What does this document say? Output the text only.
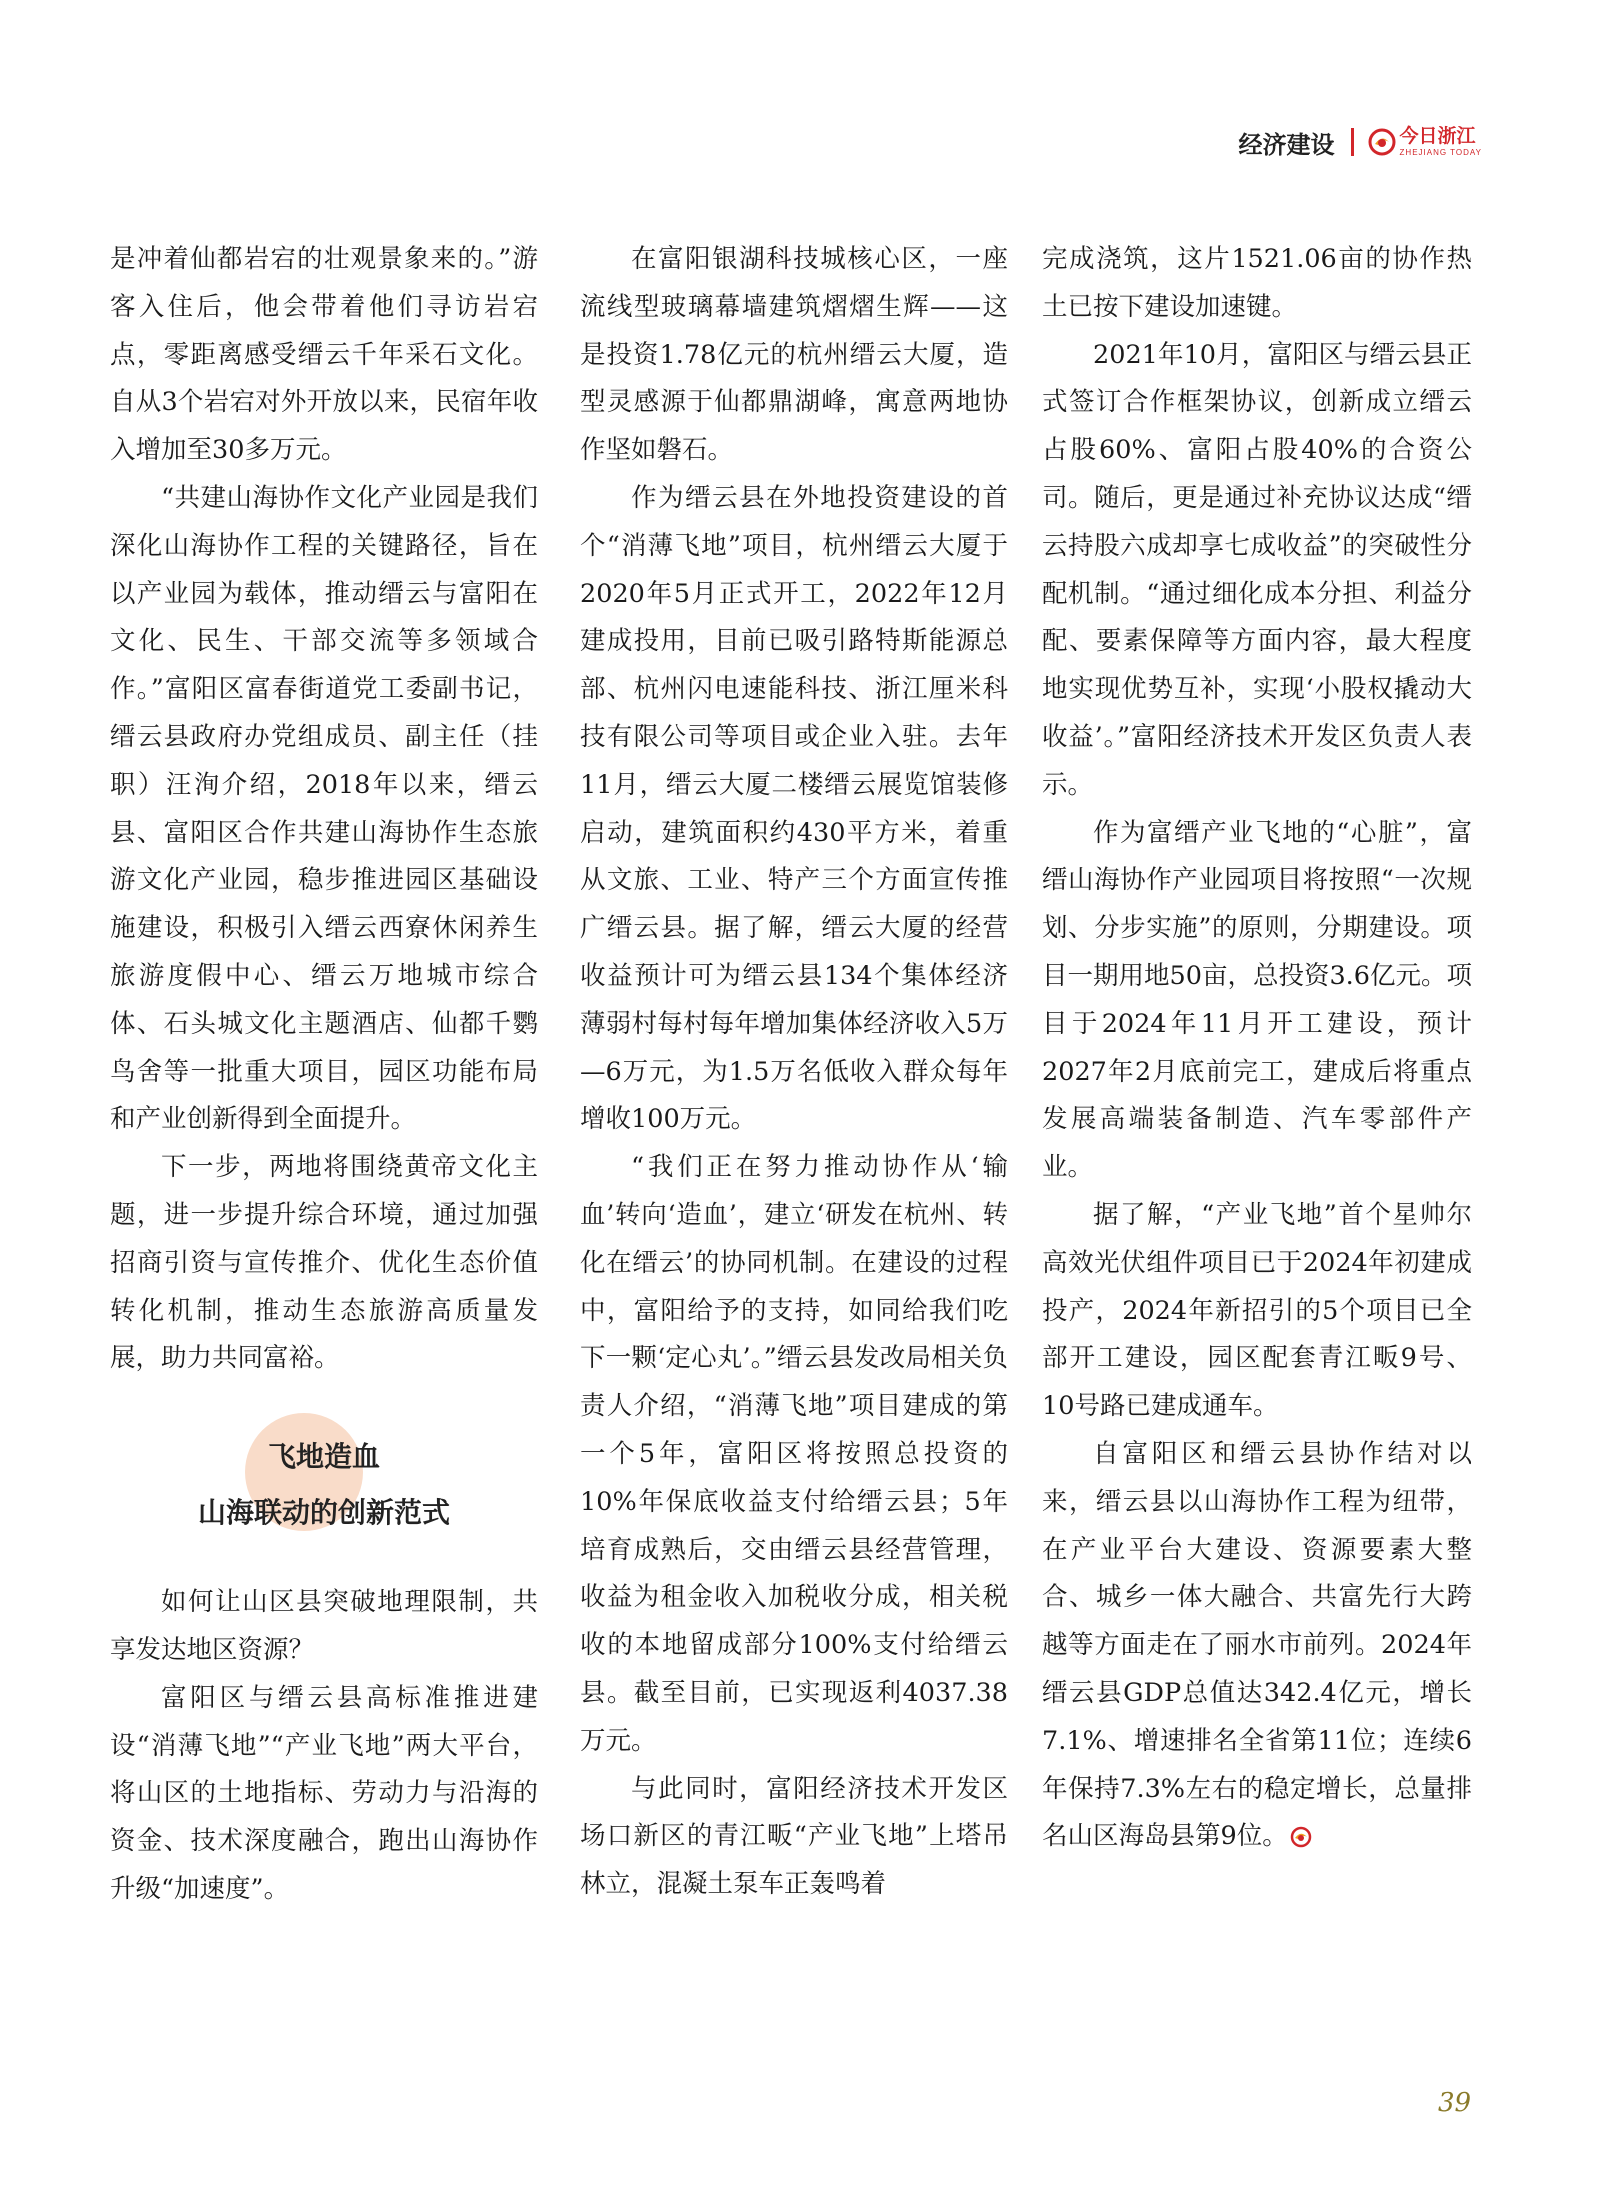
经济建设	今日浙江
ZHEJIANG TODAY

是冲着仙都岩宕的壮观景象来的。”游客入住后，他会带着他们寻访岩宕点，零距离感受缙云千年采石文化。自从3个岩宕对外开放以来，民宿年收入增加至30多万元。

“共建山海协作文化产业园是我们深化山海协作工程的关键路径，旨在以产业园为载体，推动缙云与富阳在文化、民生、干部交流等多领域合作。”富阳区富春街道党工委副书记，缙云县政府办党组成员、副主任（挂职）汪洵介绍，2018年以来，缙云县、富阳区合作共建山海协作生态旅游文化产业园，稳步推进园区基础设施建设，积极引入缙云西寮休闲养生旅游度假中心、缙云万地城市综合体、石头城文化主题酒店、仙都千鹦鸟舍等一批重大项目，园区功能布局和产业创新得到全面提升。

下一步，两地将围绕黄帝文化主题，进一步提升综合环境，通过加强招商引资与宣传推介、优化生态价值转化机制，推动生态旅游高质量发展，助力共同富裕。

飞地造血
山海联动的创新范式

如何让山区县突破地理限制，共享发达地区资源？

富阳区与缙云县高标准推进建设“消薄飞地”“产业飞地”两大平台，将山区的土地指标、劳动力与沿海的资金、技术深度融合，跑出山海协作升级“加速度”。

在富阳银湖科技城核心区，一座流线型玻璃幕墙建筑熠熠生辉——这是投资1.78亿元的杭州缙云大厦，造型灵感源于仙都鼎湖峰，寓意两地协作坚如磐石。

作为缙云县在外地投资建设的首个“消薄飞地”项目，杭州缙云大厦于2020年5月正式开工，2022年12月建成投用，目前已吸引路特斯能源总部、杭州闪电速能科技、浙江厘米科技有限公司等项目或企业入驻。去年11月，缙云大厦二楼缙云展览馆装修启动，建筑面积约430平方米，着重从文旅、工业、特产三个方面宣传推广缙云县。据了解，缙云大厦的经营收益预计可为缙云县134个集体经济薄弱村每村每年增加集体经济收入5万—6万元，为1.5万名低收入群众每年增收100万元。

“我们正在努力推动协作从‘输血’转向‘造血’，建立‘研发在杭州、转化在缙云’的协同机制。在建设的过程中，富阳给予的支持，如同给我们吃下一颗‘定心丸’。”缙云县发改局相关负责人介绍，“消薄飞地”项目建成的第一个5年，富阳区将按照总投资的10%年保底收益支付给缙云县；5年培育成熟后，交由缙云县经营管理，收益为租金收入加税收分成，相关税收的本地留成部分100%支付给缙云县。截至目前，已实现返利4037.38万元。

与此同时，富阳经济技术开发区场口新区的青江畈“产业飞地”上塔吊林立，混凝土泵车正轰鸣着

完成浇筑，这片1521.06亩的协作热土已按下建设加速键。

2021年10月，富阳区与缙云县正式签订合作框架协议，创新成立缙云占股60%、富阳占股40%的合资公司。随后，更是通过补充协议达成“缙云持股六成却享七成收益”的突破性分配机制。“通过细化成本分担、利益分配、要素保障等方面内容，最大程度地实现优势互补，实现‘小股权撬动大收益’。”富阳经济技术开发区负责人表示。

作为富缙产业飞地的“心脏”，富缙山海协作产业园项目将按照“一次规划、分步实施”的原则，分期建设。项目一期用地50亩，总投资3.6亿元。项目于2024年11月开工建设，预计2027年2月底前完工，建成后将重点发展高端装备制造、汽车零部件产业。

据了解，“产业飞地”首个星帅尔高效光伏组件项目已于2024年初建成投产，2024年新招引的5个项目已全部开工建设，园区配套青江畈9号、10号路已建成通车。

自富阳区和缙云县协作结对以来，缙云县以山海协作工程为纽带，在产业平台大建设、资源要素大整合、城乡一体大融合、共富先行大跨越等方面走在了丽水市前列。2024年缙云县GDP总值达342.4亿元，增长7.1%、增速排名全省第11位；连续6年保持7.3%左右的稳定增长，总量排名山区海岛县第9位。

39
